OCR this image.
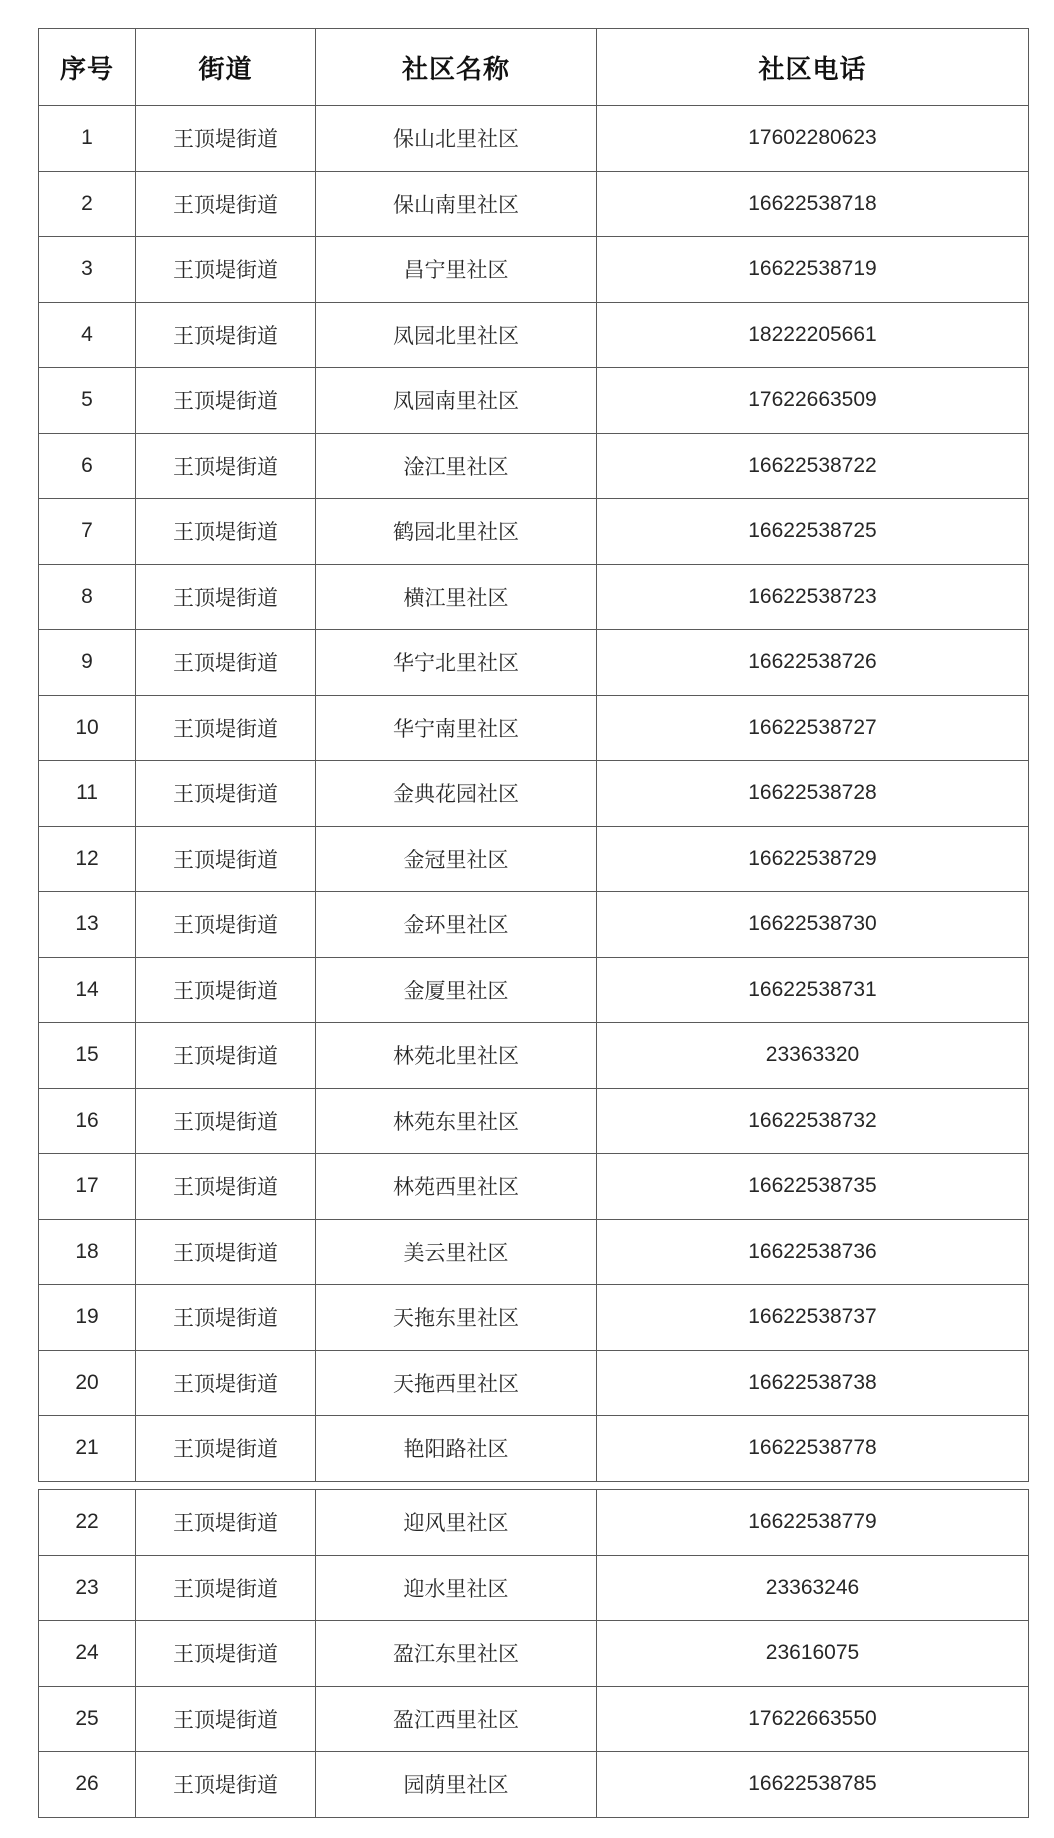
序号	街道	社区名称	社区电话
1	王顶堤街道	保山北里社区	17602280623
2	王顶堤街道	保山南里社区	16622538718
3	王顶堤街道	昌宁里社区	16622538719
4	王顶堤街道	凤园北里社区	18222205661
5	王顶堤街道	凤园南里社区	17622663509
6	王顶堤街道	淦江里社区	16622538722
7	王顶堤街道	鹤园北里社区	16622538725
8	王顶堤街道	横江里社区	16622538723
9	王顶堤街道	华宁北里社区	16622538726
10	王顶堤街道	华宁南里社区	16622538727
11	王顶堤街道	金典花园社区	16622538728
12	王顶堤街道	金冠里社区	16622538729
13	王顶堤街道	金环里社区	16622538730
14	王顶堤街道	金厦里社区	16622538731
15	王顶堤街道	林苑北里社区	23363320
16	王顶堤街道	林苑东里社区	16622538732
17	王顶堤街道	林苑西里社区	16622538735
18	王顶堤街道	美云里社区	16622538736
19	王顶堤街道	天拖东里社区	16622538737
20	王顶堤街道	天拖西里社区	16622538738
21	王顶堤街道	艳阳路社区	16622538778
22	王顶堤街道	迎风里社区	16622538779
23	王顶堤街道	迎水里社区	23363246
24	王顶堤街道	盈江东里社区	23616075
25	王顶堤街道	盈江西里社区	17622663550
26	王顶堤街道	园荫里社区	16622538785
